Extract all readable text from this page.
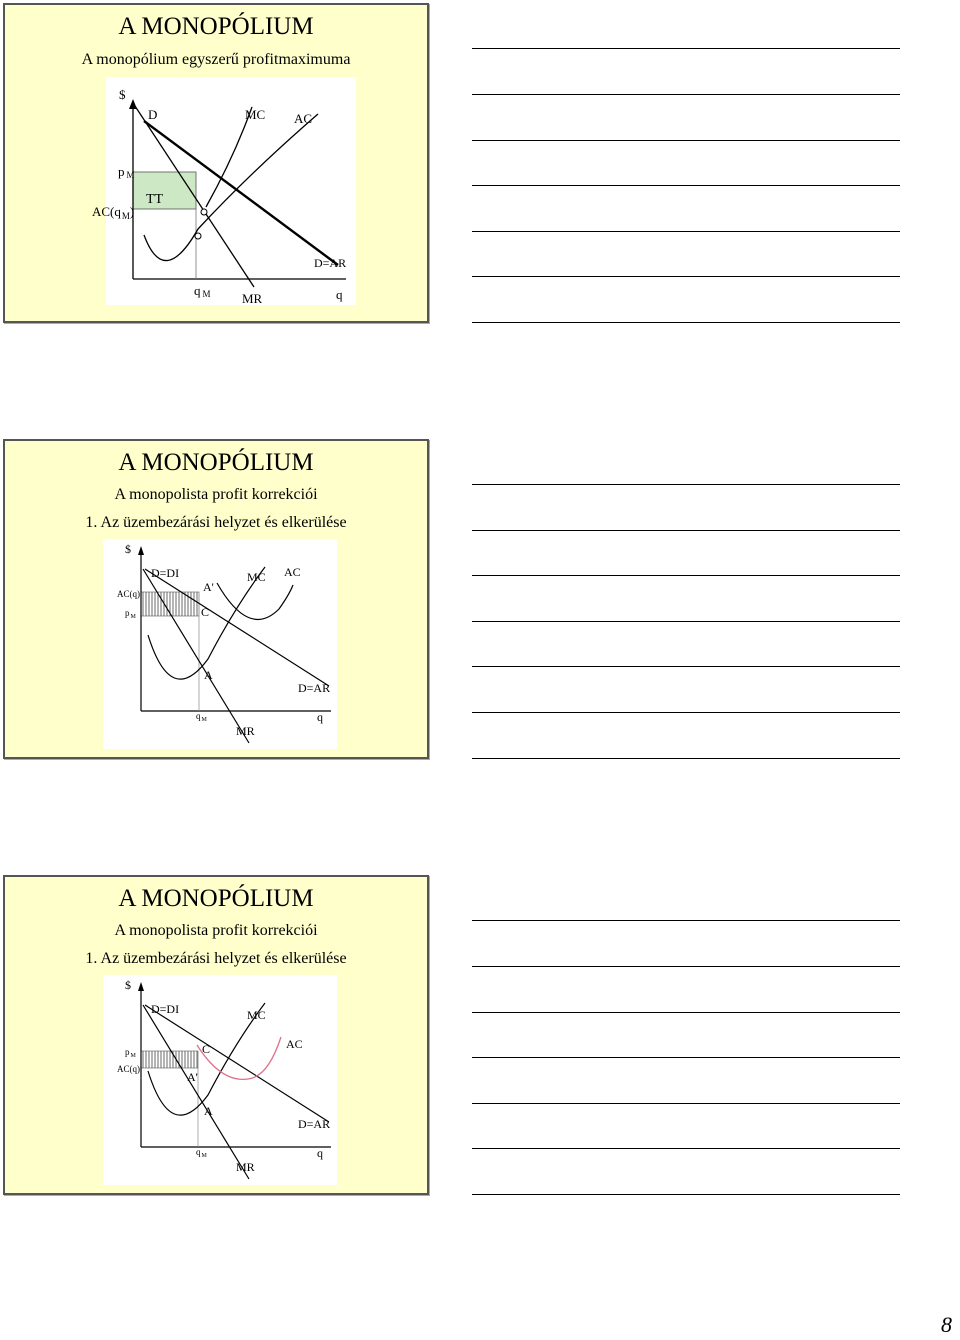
A MONOPÓLIUM
A monopólium egyszerű profitmaximuma
$
D	MC AC
p M
$AC(q_M)$
TT
D=AR
q M MR	q
A MONOPÓLIUM
A monopolista profit korrekciói
1. Az üzembezárási helyzet és elkerülése
$
D=DI
A'
MC AC
AC(q)
$p_M$	C
A
D=AR
$q_M$
MR
q
A MONOPÓLIUM
A monopolista profit korrekciói
1. Az üzembezárási helyzet és elkerülése
$
D=DI	MC
$p_M$	C	AC
AC(q)
A'
A
D=AR
$q_M$
MR
q
8
